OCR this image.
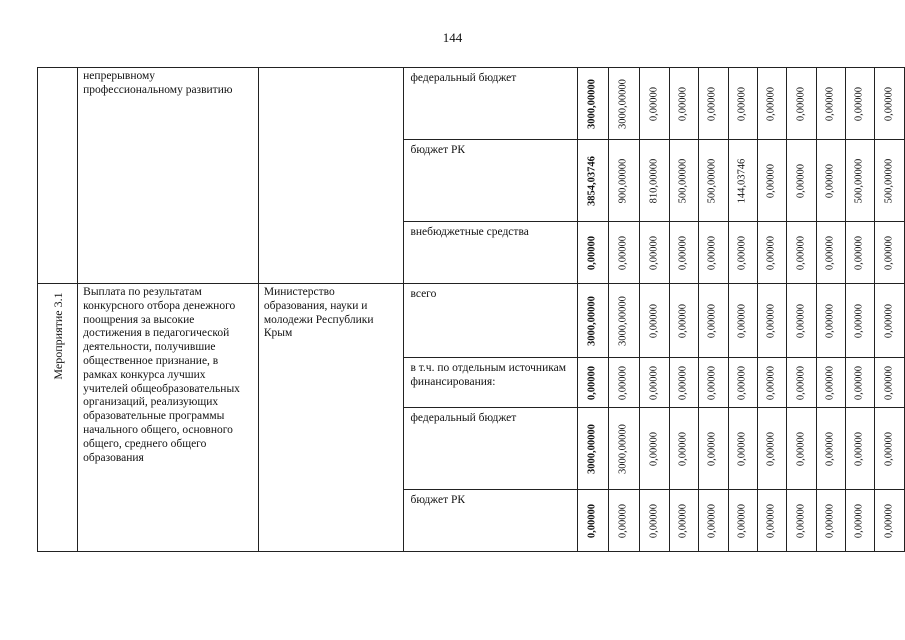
144
	непрерывному профессиональному развитию		федеральный бюджет	3000,00000	3000,00000	0,00000	0,00000	0,00000	0,00000	0,00000	0,00000	0,00000	0,00000	0,00000

			бюджет РК	3854,03746	900,00000	810,00000	500,00000	500,00000	144,03746	0,00000	0,00000	0,00000	500,00000	500,00000

			внебюджетные средства	0,00000	0,00000	0,00000	0,00000	0,00000	0,00000	0,00000	0,00000	0,00000	0,00000	0,00000

Мероприятие 3.1	Выплата по результатам конкурсного отбора денежного поощрения за высокие достижения в педагогической деятельности, получившие общественное признание, в рамках конкурса лучших учителей общеобразовательных организаций, реализующих образовательные программы начального общего, основного общего, среднего общего образования	Министерство образования, науки и молодежи Республики Крым	всего	3000,00000	3000,00000	0,00000	0,00000	0,00000	0,00000	0,00000	0,00000	0,00000	0,00000	0,00000

			в т.ч. по отдельным источникам финансирования:	0,00000	0,00000	0,00000	0,00000	0,00000	0,00000	0,00000	0,00000	0,00000	0,00000	0,00000

			федеральный бюджет	3000,00000	3000,00000	0,00000	0,00000	0,00000	0,00000	0,00000	0,00000	0,00000	0,00000	0,00000

			бюджет РК	0,00000	0,00000	0,00000	0,00000	0,00000	0,00000	0,00000	0,00000	0,00000	0,00000	0,00000
